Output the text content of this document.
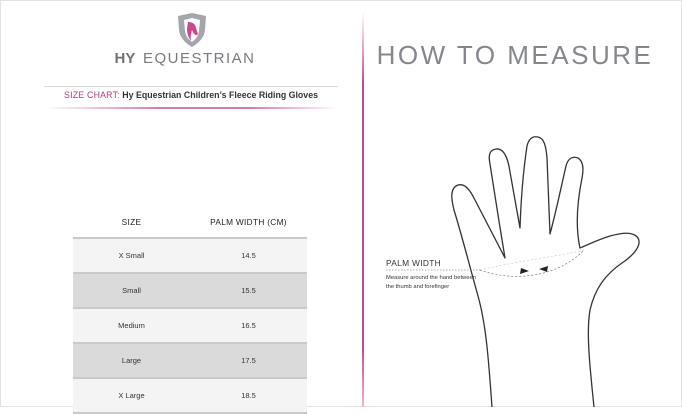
HY EQUESTRIAN
SIZE CHART: Hy Equestrian Children’s Fleece Riding Gloves
SIZE	PALM WIDTH (CM)
X Small	14.5
Small	15.5
Medium	16.5
Large	17.5
X Large	18.5
HOW TO MEASURE
PALM WIDTH
Measure around the hand between the thumb and forefinger
